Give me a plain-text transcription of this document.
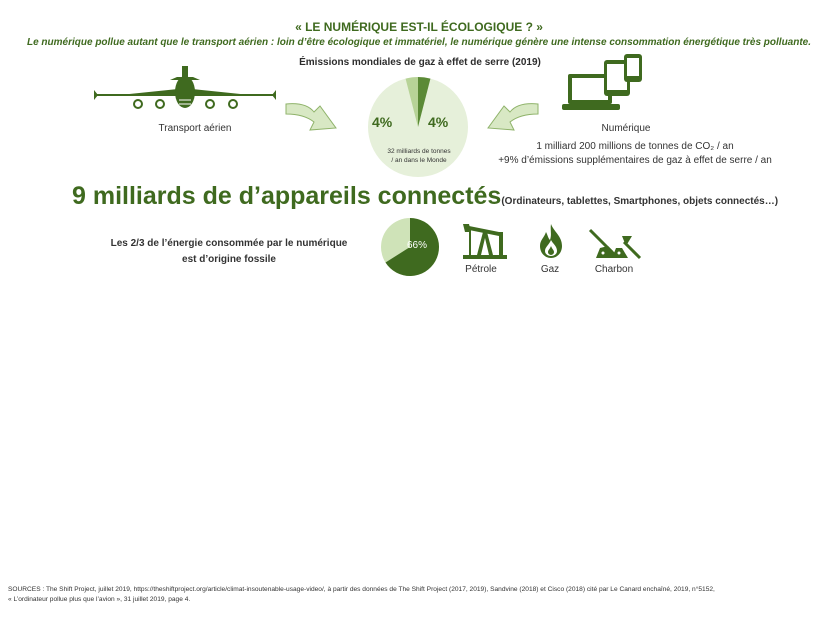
« LE NUMÉRIQUE EST-IL ÉCOLOGIQUE ? »
Le numérique pollue autant que le transport aérien : loin d’être écologique et immatériel, le numérique génère une intense consommation énergétique très polluante.
Émissions mondiales de gaz à effet de serre (2019)
Transport aérien	4%	4%
32 milliards de tonnes
/ an dans le Monde
Numérique
1 milliard 200 millions de tonnes de CO₂ / an
+9% d’émissions supplémentaires de gaz à effet de serre / an
9 milliards de d’appareils connectés(Ordinateurs, tablettes, Smartphones, objets connectés…)
Les 2/3 de l’énergie consommée par le numérique
est d’origine fossile
66%
Pétrole	Gaz	Charbon
SOURCES : The Shift Project, juillet 2019, https://theshiftproject.org/article/climat-insoutenable-usage-video/, à partir des données de The Shift Project (2017, 2019), Sandvine (2018) et Cisco (2018) cité par Le Canard enchaîné, 2019, n°5152,
« L’ordinateur pollue plus que l’avion », 31 juillet 2019, page 4.
